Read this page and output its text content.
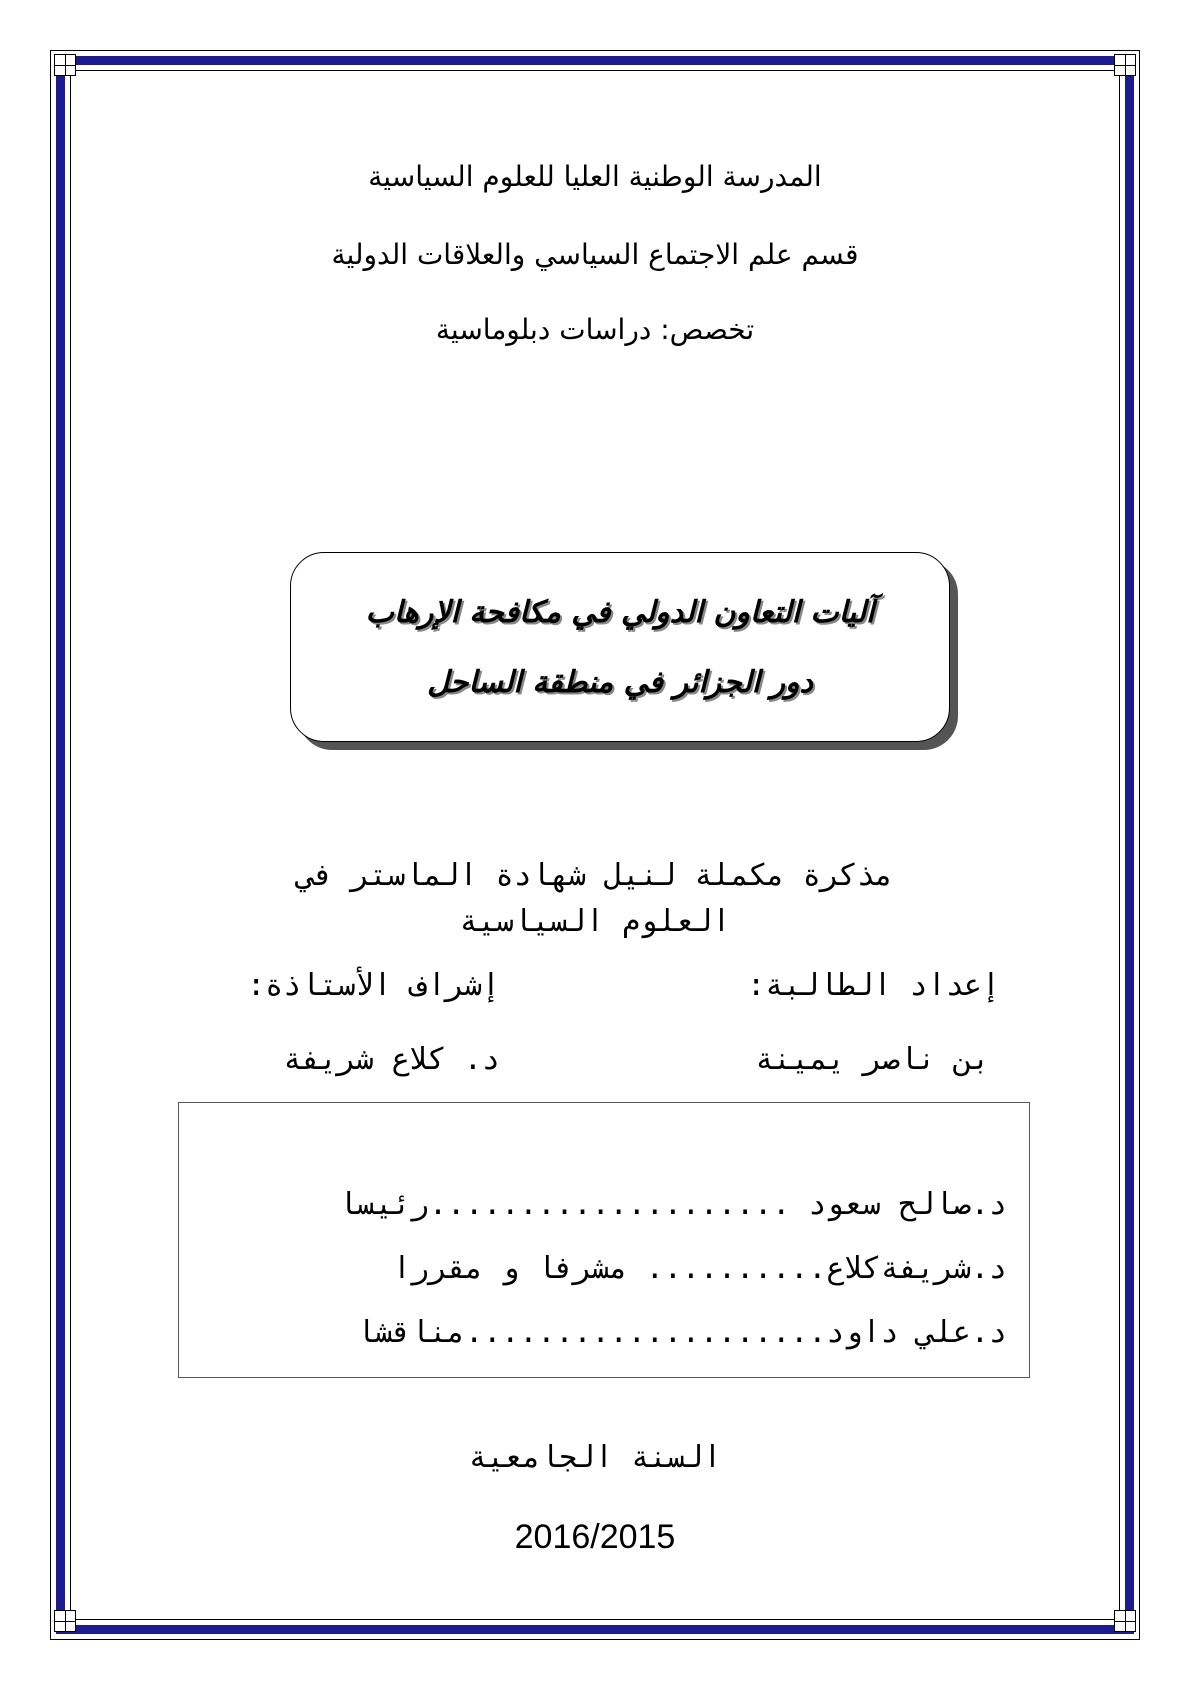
المدرسة الوطنية العليا للعلوم السياسية
قسم علم الاجتماع السياسي والعلاقات الدولية
تخصص: دراسات دبلوماسية
آليات التعاون الدولي في مكافحة الإرهاب
دور الجزائر في منطقة الساحل
مذكرة مكملة لنيل شهادة الماستر في
العلوم السياسية
إعداد الطالبة:
إشراف الأستاذة:
بن ناصر يمينة
د. كلاع شريفة
د.صالح سعود ....................رئيسا
د.شريفةكلاع.......... مشرفا و مقررا
د.علي داود....................مناقشا
السنة الجامعية
2016/2015
